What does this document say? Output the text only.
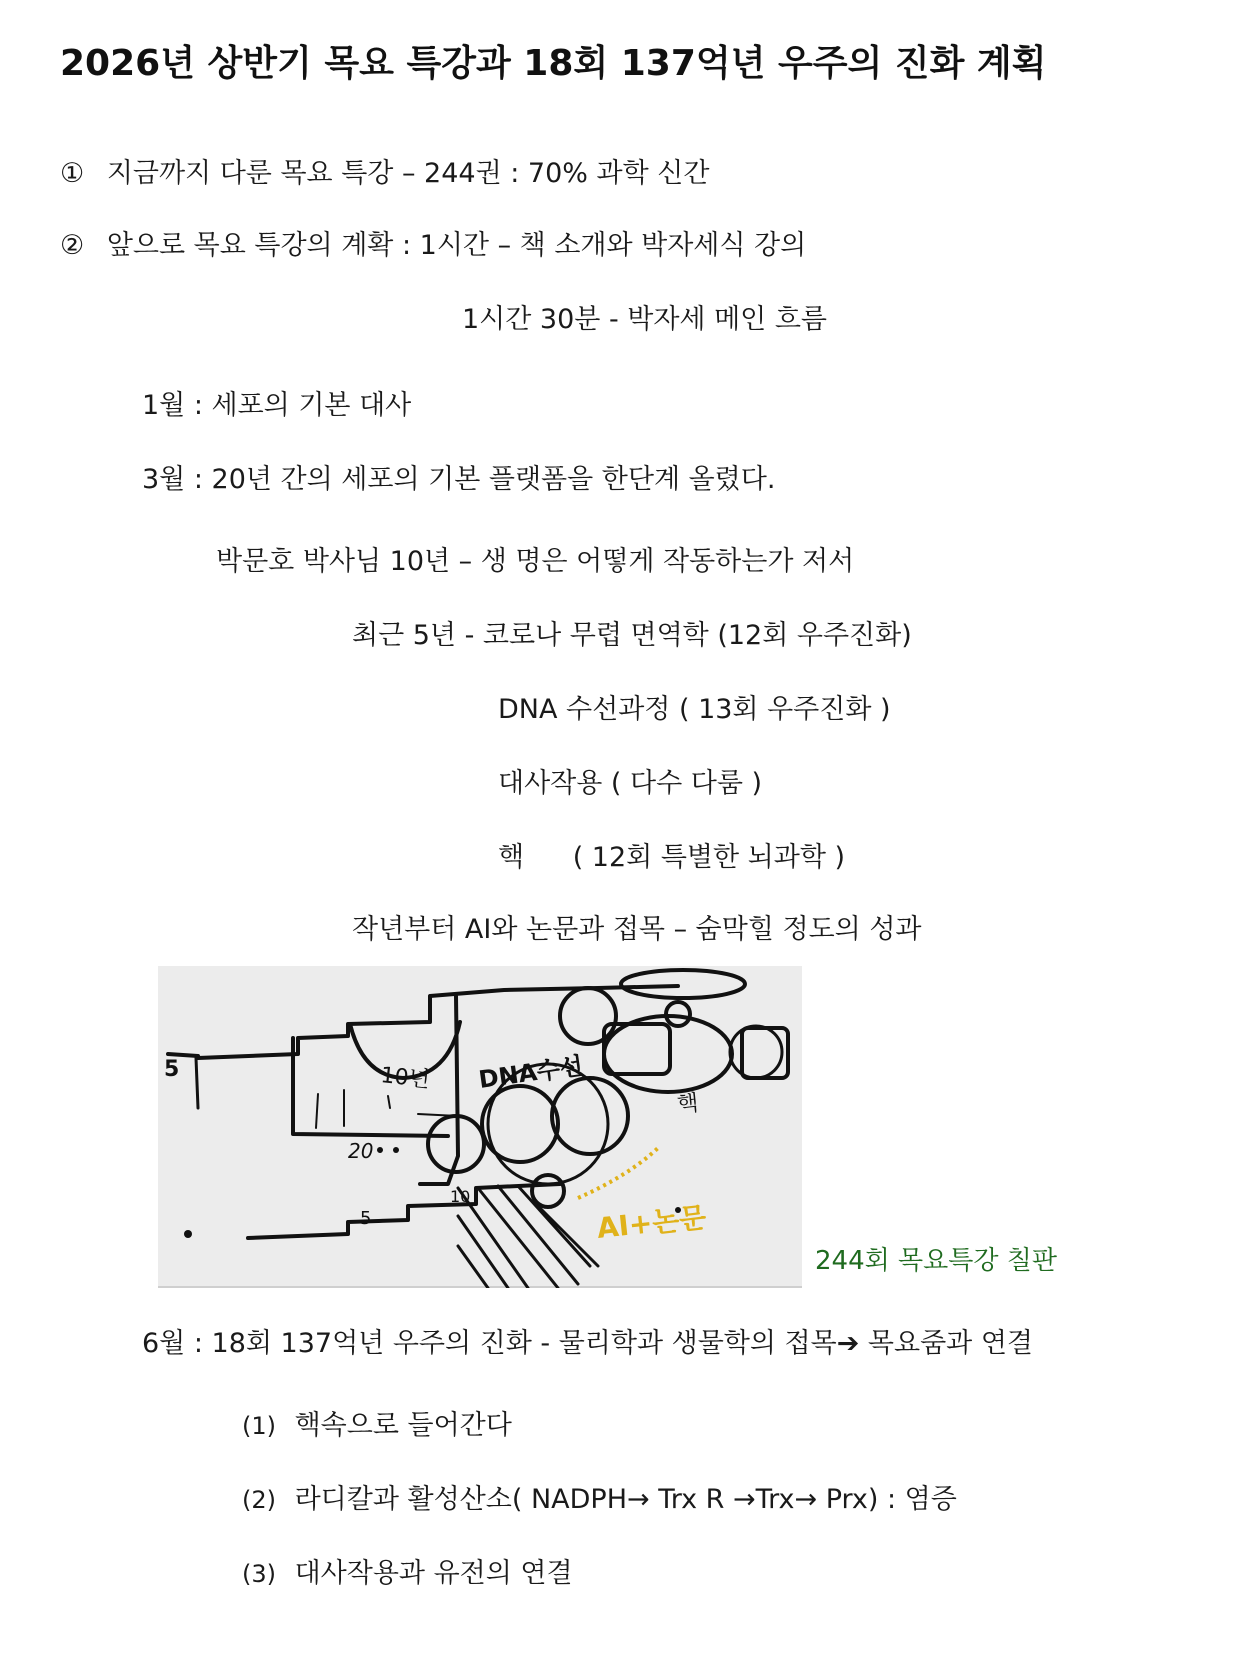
2026년 상반기 목요 특강과 18회 137억년 우주의 진화 계획
① 지금까지 다룬 목요 특강 – 244권 : 70% 과학 신간
② 앞으로 목요 특강의 계확 : 1시간 – 책 소개와 박자세식 강의
1시간 30분 - 박자세 메인 흐름
1월 : 세포의 기본 대사
3월 : 20년 간의 세포의 기본 플랫폼을 한단계 올렸다.
박문호 박사님 10년 – 생 명은 어떻게 작동하는가 저서
최근 5년 - 코로나 무렵 면역학 (12회 우주진화)
DNA 수선과정 ( 13회 우주진화 )
대사작용 ( 다수 다룸 )
핵 ( 12회 특별한 뇌과학 )
작년부터 AI와 논문과 접목 – 숨막힐 정도의 성과
10년 DNA수선
5
10
20
5
핵
AI+논문
244회 목요특강 칠판
6월 : 18회 137억년 우주의 진화 - 물리학과 생물학의 접목➔ 목요줌과 연결
(1) 핵속으로 들어간다
(2) 라디칼과 활성산소( NADPH→ Trx R →Trx→ Prx) : 염증
(3) 대사작용과 유전의 연결
